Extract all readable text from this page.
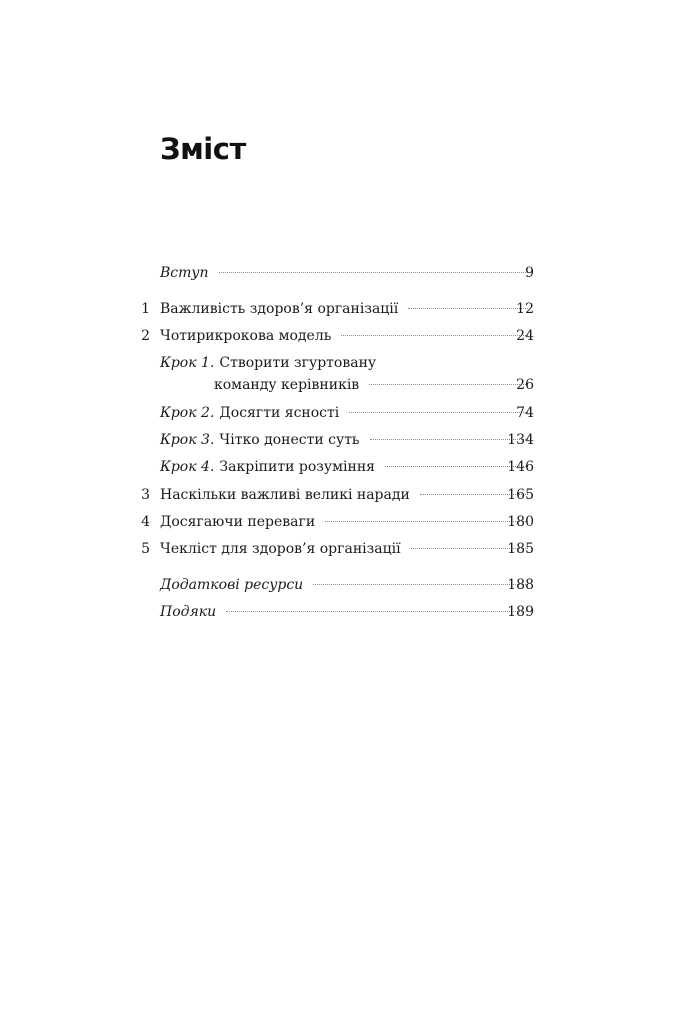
Зміст
Вступ	9
1 Важливість здоров’я організації	12
2 Чотирикрокова модель	24
Крок 1. Створити згуртовану
команду керівників	26
Крок 2. Досягти ясності	74
Крок 3. Чітко донести суть	134
Крок 4. Закріпити розуміння	146
3 Наскільки важливі великі наради	165
4 Досягаючи переваги	180
5 Чекліст для здоров’я організації	185
Додаткові ресурси	188
Подяки	189
